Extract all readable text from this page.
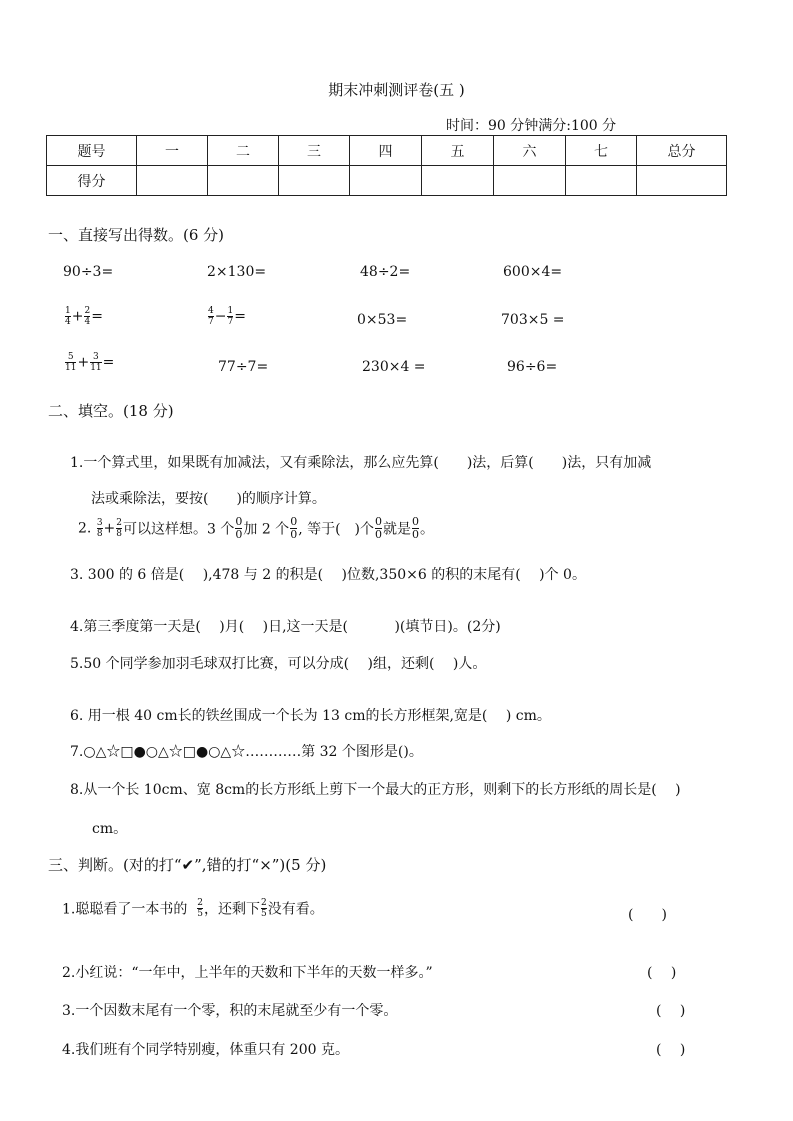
期末冲刺测评卷(五 )
时间：90 分钟满分:100 分
题号	一	二	三	四	五	六	七	总分
得分								
一、直接写出得数。(6 分)
90÷3=	2×130=	48÷2=	600×4=
$\frac{1}{4} + \frac{2}{4}$ =	$\frac{4}{7} - \frac{1}{7}$ =	0×53=	703×5 =
$\frac{5}{11} + \frac{3}{11}$ =	77÷7=	230×4 =	96÷6=
二、填空。(18 分)
1.一个算式里，如果既有加减法，又有乘除法，那么应先算(　　)法，后算(　　)法，只有加减
法或乘除法，要按(　　)的顺序计算。
2. $\frac{3}{8} + \frac{2}{8}$ 可以这样想。3 个 $\frac{0}{0}$ 加 2 个 $\frac{0}{0}$ , 等于(　)个 $\frac{0}{0}$ 就是 $\frac{0}{0}$ 。
3. 300 的 6 倍是(　 ),478 与 2 的积是(　 )位数,350×6 的积的末尾有(　 )个 0。
4.第三季度第一天是(　 )月(　 )日,这一天是(　　　 )(填节日)。(2分)
5.50 个同学参加羽毛球双打比赛，可以分成(　 )组，还剩(　 )人。
6. 用一根 40 cm长的铁丝围成一个长为 13 cm的长方形框架,宽是(　 ) cm。
7.○△☆□●○△☆□●○△☆…………第 32 个图形是()。
8.从一个长 10cm、宽 8cm的长方形纸上剪下一个最大的正方形，则剩下的长方形纸的周长是(　 )
cm。
三、判断。(对的打“✔”,错的打“×”)(5 分)
1.聪聪看了一本书的 $\frac{2}{5}$ ，还剩下 $\frac{2}{5}$ 没有看。	(　　)
2.小红说：“一年中，上半年的天数和下半年的天数一样多。”	(　 )
3.一个因数末尾有一个零，积的末尾就至少有一个零。	(　 )
4.我们班有个同学特别瘦，体重只有 200 克。	(　 )
